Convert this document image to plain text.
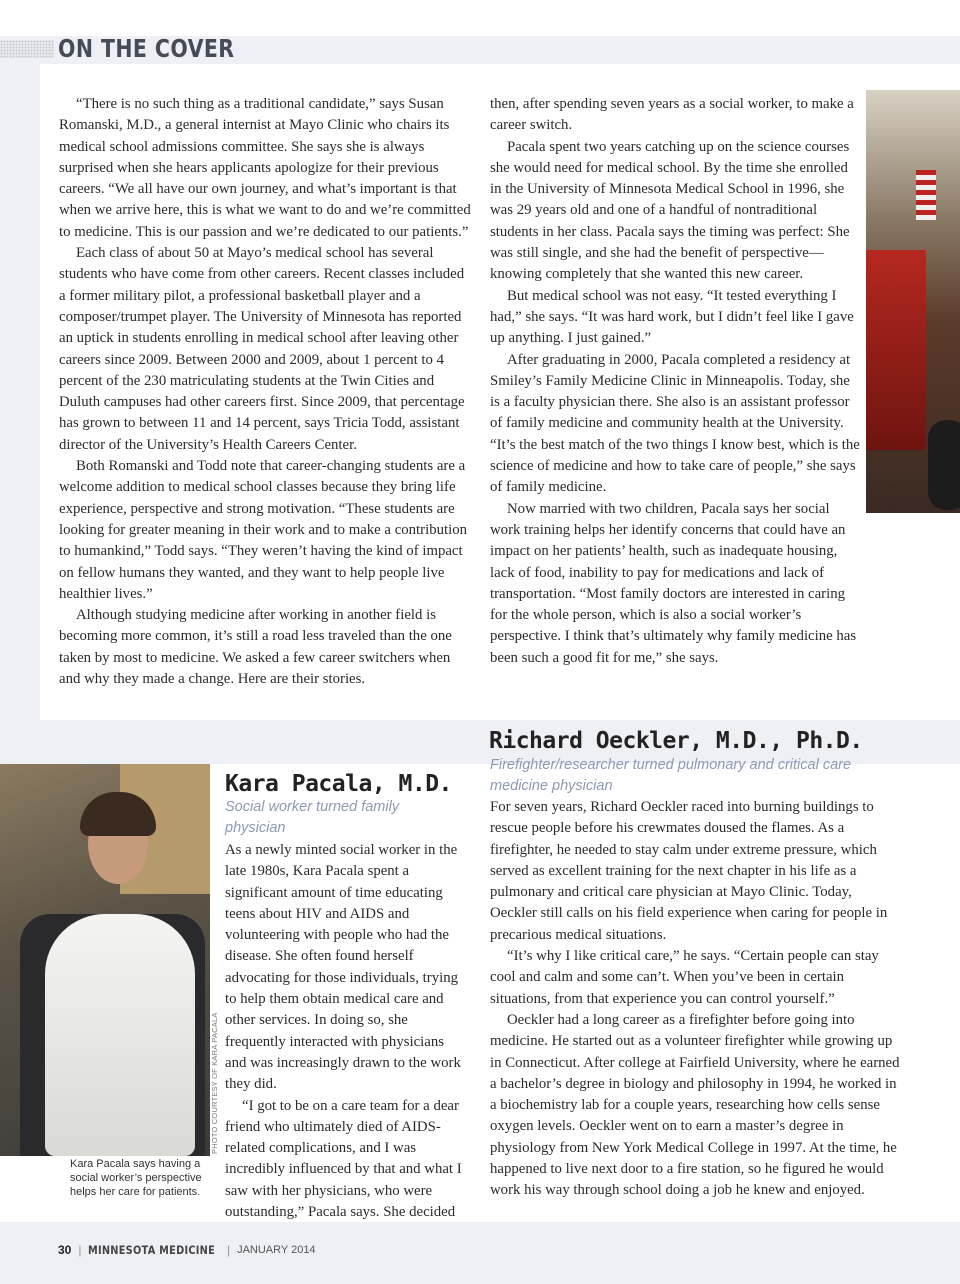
ON THE COVER

“There is no such thing as a traditional candidate,” says Susan Romanski, M.D., a general internist at Mayo Clinic who chairs its medical school admissions committee. She says she is always surprised when she hears applicants apologize for their previous careers. “We all have our own journey, and what’s important is that when we arrive here, this is what we want to do and we’re committed to medicine. This is our passion and we’re dedicated to our patients.”

Each class of about 50 at Mayo’s medical school has several students who have come from other careers. Recent classes included a former military pilot, a professional basketball player and a composer/trumpet player. The University of Minnesota has reported an uptick in students enrolling in medical school after leaving other careers since 2009. Between 2000 and 2009, about 1 percent to 4 percent of the 230 matriculating students at the Twin Cities and Duluth campuses had other careers first. Since 2009, that percentage has grown to between 11 and 14 percent, says Tricia Todd, assistant director of the University’s Health Careers Center.

Both Romanski and Todd note that career-changing students are a welcome addition to medical school classes because they bring life experience, perspective and strong motivation. “These students are looking for greater meaning in their work and to make a contribution to humankind,” Todd says. “They weren’t having the kind of impact on fellow humans they wanted, and they want to help people live healthier lives.”

Although studying medicine after working in another field is becoming more common, it’s still a road less traveled than the one taken by most to medicine. We asked a few career switchers when and why they made a change. Here are their stories.

then, after spending seven years as a social worker, to make a career switch.

Pacala spent two years catching up on the science courses she would need for medical school. By the time she enrolled in the University of Minnesota Medical School in 1996, she was 29 years old and one of a handful of nontraditional students in her class. Pacala says the timing was perfect: She was still single, and she had the benefit of perspective—knowing completely that she wanted this new career.

But medical school was not easy. “It tested everything I had,” she says. “It was hard work, but I didn’t feel like I gave up anything. I just gained.”

After graduating in 2000, Pacala completed a residency at Smiley’s Family Medicine Clinic in Minneapolis. Today, she is a faculty physician there. She also is an assistant professor of family medicine and community health at the University. “It’s the best match of the two things I know best, which is the science of medicine and how to take care of people,” she says of family medicine.

Now married with two children, Pacala says her social work training helps her identify concerns that could have an impact on her patients’ health, such as inadequate housing, lack of food, inability to pay for medications and lack of transportation. “Most family doctors are interested in caring for the whole person, which is also a social worker’s perspective. I think that’s ultimately why family medicine has been such a good fit for me,” she says.

Richard Oeckler, M.D., Ph.D.
Firefighter/researcher turned pulmonary and critical care medicine physician
PHOTO COURTESY OF KARA PACALA
Kara Pacala says having a social worker’s perspective helps her care for patients.
Kara Pacala, M.D.
Social worker turned family physician

As a newly minted social worker in the late 1980s, Kara Pacala spent a significant amount of time educating teens about HIV and AIDS and volunteering with people who had the disease. She often found herself advocating for those individuals, trying to help them obtain medical care and other services. In doing so, she frequently interacted with physicians and was increasingly drawn to the work they did.

“I got to be on a care team for a dear friend who ultimately died of AIDS-related complications, and I was incredibly influenced by that and what I saw with her physicians, who were outstanding,” Pacala says. She decided

For seven years, Richard Oeckler raced into burning buildings to rescue people before his crewmates doused the flames. As a firefighter, he needed to stay calm under extreme pressure, which served as excellent training for the next chapter in his life as a pulmonary and critical care physician at Mayo Clinic. Today, Oeckler still calls on his field experience when caring for people in precarious medical situations.

“It’s why I like critical care,” he says. “Certain people can stay cool and calm and some can’t. When you’ve been in certain situations, from that experience you can control yourself.”

Oeckler had a long career as a firefighter before going into medicine. He started out as a volunteer firefighter while growing up in Connecticut. After college at Fairfield University, where he earned a bachelor’s degree in biology and philosophy in 1994, he worked in a biochemistry lab for a couple years, researching how cells sense oxygen levels. Oeckler went on to earn a master’s degree in physiology from New York Medical College in 1997. At the time, he happened to live next door to a fire station, so he figured he would work his way through school doing a job he knew and enjoyed.

30 | MINNESOTA MEDICINE | JANUARY 2014
